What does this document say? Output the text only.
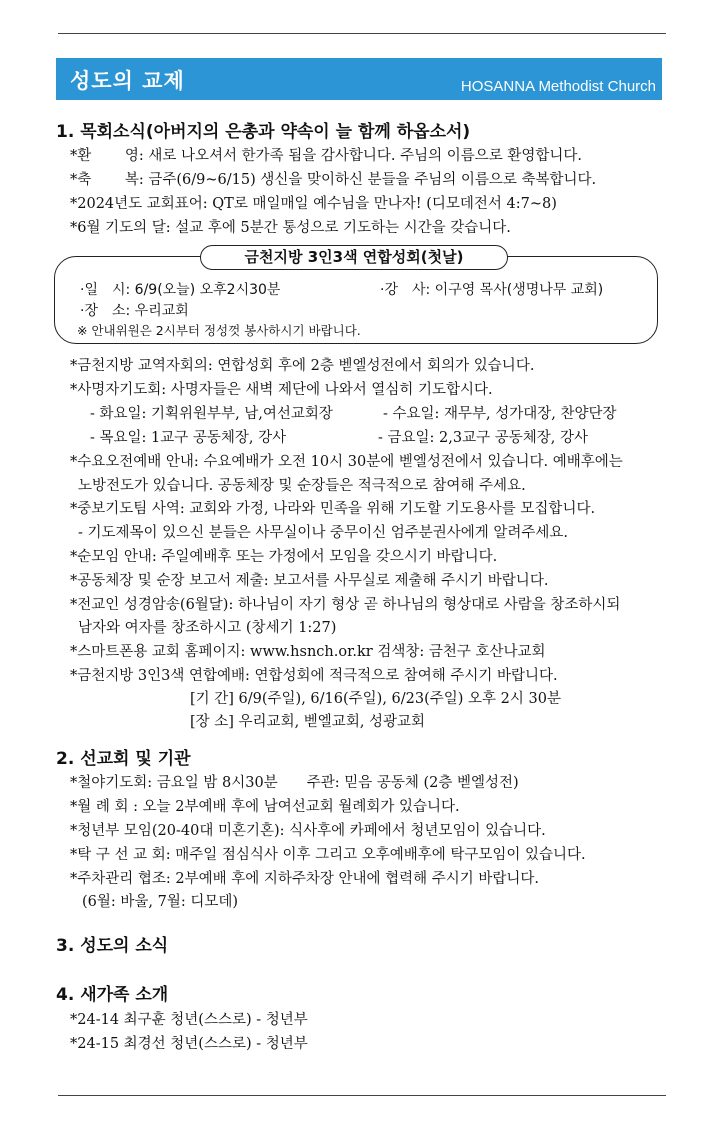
성도의 교제	HOSANNA Methodist Church
1. 목회소식(아버지의 은총과 약속이 늘 함께 하옵소서)
*환　　 영: 새로 나오셔서 한가족 됨을 감사합니다. 주님의 이름으로 환영합니다.
*축　　 복: 금주(6/9~6/15) 생신을 맞이하신 분들을 주님의 이름으로 축복합니다.
*2024년도 교회표어: QT로 매일매일 예수님을 만나자! (디모데전서 4:7~8)
*6월 기도의 달: 설교 후에 5분간 통성으로 기도하는 시간을 갖습니다.
금천지방 3인3색 연합성회(첫날)
·일　시: 6/9(오늘) 오후2시30분	·강　사: 이구영 목사(생명나무 교회)
·장　소: 우리교회
※ 안내위원은 2시부터 정성껏 봉사하시기 바랍니다.
*금천지방 교역자회의: 연합성회 후에 2층 벧엘성전에서 회의가 있습니다.
*사명자기도회: 사명자들은 새벽 제단에 나와서 열심히 기도합시다.
- 화요일: 기획위원부부, 남,여선교회장	- 수요일: 재무부, 성가대장, 찬양단장
- 목요일: 1교구 공동체장, 강사	- 금요일: 2,3교구 공동체장, 강사
*수요오전예배 안내: 수요예배가 오전 10시 30분에 벧엘성전에서 있습니다. 예배후에는
노방전도가 있습니다. 공동체장 및 순장들은 적극적으로 참여해 주세요.
*중보기도팀 사역: 교회와 가정, 나라와 민족을 위해 기도할 기도용사를 모집합니다.
- 기도제목이 있으신 분들은 사무실이나 중무이신 엄주분권사에게 알려주세요.
*순모임 안내: 주일예배후 또는 가정에서 모임을 갖으시기 바랍니다.
*공동체장 및 순장 보고서 제출: 보고서를 사무실로 제출해 주시기 바랍니다.
*전교인 성경암송(6월달): 하나님이 자기 형상 곧 하나님의 형상대로 사람을 창조하시되
남자와 여자를 창조하시고 (창세기 1:27)
*스마트폰용 교회 홈페이지: www.hsnch.or.kr 검색창: 금천구 호산나교회
*금천지방 3인3색 연합예배: 연합성회에 적극적으로 참여해 주시기 바랍니다.
[기 간] 6/9(주일), 6/16(주일), 6/23(주일) 오후 2시 30분
[장 소] 우리교회, 벧엘교회, 성광교회
2. 선교회 및 기관
*철야기도회: 금요일 밤 8시30분　　주관: 믿음 공동체 (2층 벧엘성전)
*월 례 회 : 오늘 2부예배 후에 남여선교회 월례회가 있습니다.
*청년부 모임(20-40대 미혼기혼): 식사후에 카페에서 청년모임이 있습니다.
*탁 구 선 교 회: 매주일 점심식사 이후 그리고 오후예배후에 탁구모임이 있습니다.
*주차관리 협조: 2부예배 후에 지하주차장 안내에 협력해 주시기 바랍니다.
(6월: 바울, 7월: 디모데)
3. 성도의 소식
4. 새가족 소개
*24-14 최구훈 청년(스스로) - 청년부
*24-15 최경선 청년(스스로) - 청년부
